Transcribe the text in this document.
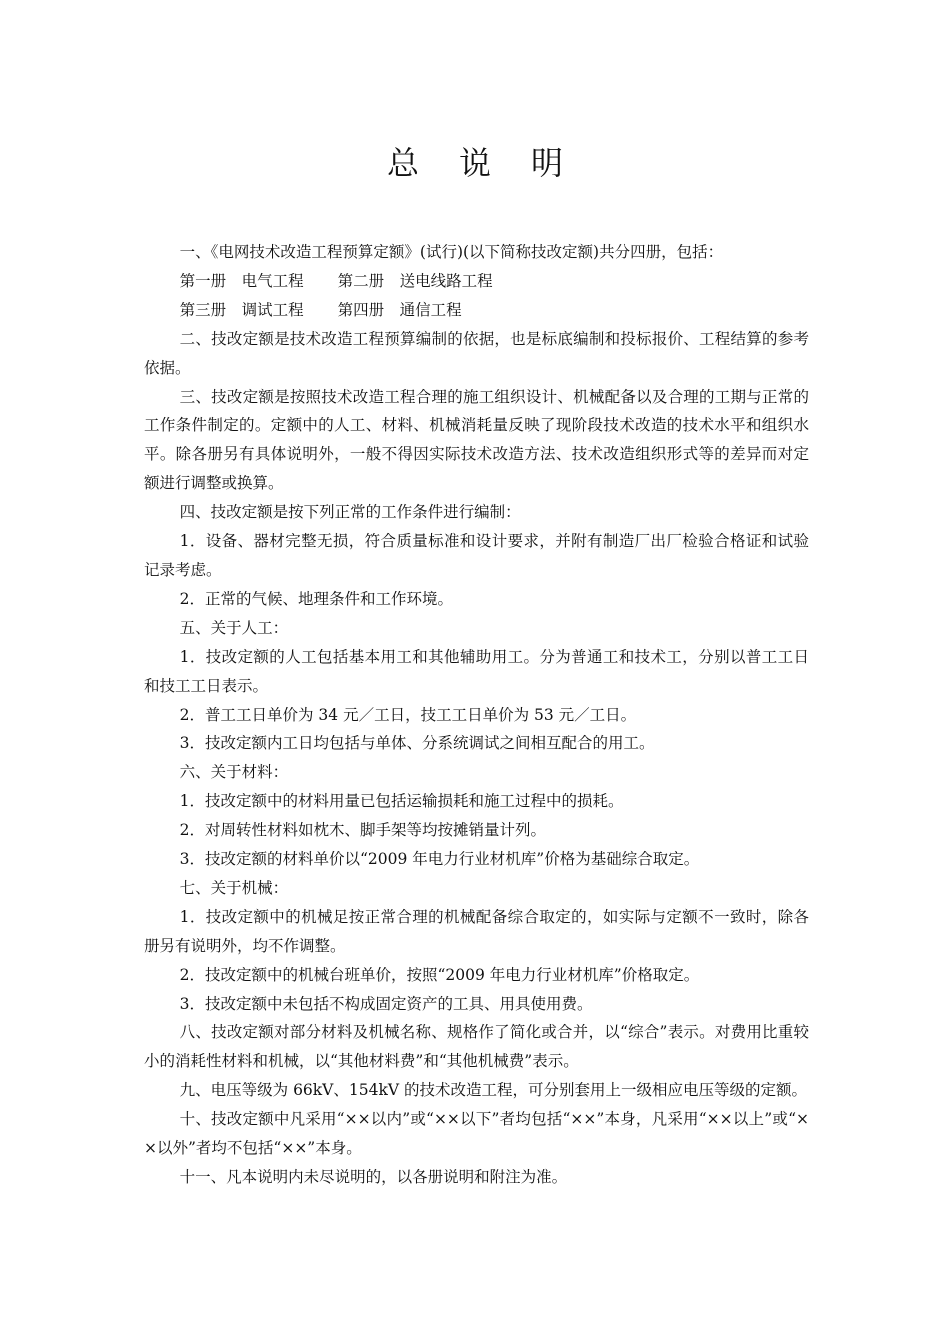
总说明

一、《电网技术改造工程预算定额》(试行)(以下简称技改定额)共分四册，包括：

第一册　电气工程 第二册　送电线路工程

第三册　调试工程 第四册　通信工程

二、技改定额是技术改造工程预算编制的依据，也是标底编制和投标报价、工程结算的参考依据。

三、技改定额是按照技术改造工程合理的施工组织设计、机械配备以及合理的工期与正常的工作条件制定的。定额中的人工、材料、机械消耗量反映了现阶段技术改造的技术水平和组织水平。除各册另有具体说明外，一般不得因实际技术改造方法、技术改造组织形式等的差异而对定额进行调整或换算。

四、技改定额是按下列正常的工作条件进行编制：

1．设备、器材完整无损，符合质量标准和设计要求，并附有制造厂出厂检验合格证和试验记录考虑。

2．正常的气候、地理条件和工作环境。

五、关于人工：

1．技改定额的人工包括基本用工和其他辅助用工。分为普通工和技术工，分别以普工工日和技工工日表示。

2．普工工日单价为 34 元／工日，技工工日单价为 53 元／工日。

3．技改定额内工日均包括与单体、分系统调试之间相互配合的用工。

六、关于材料：

1．技改定额中的材料用量已包括运输损耗和施工过程中的损耗。

2．对周转性材料如枕木、脚手架等均按摊销量计列。

3．技改定额的材料单价以“2009 年电力行业材机库”价格为基础综合取定。

七、关于机械：

1．技改定额中的机械足按正常合理的机械配备综合取定的，如实际与定额不一致时，除各册另有说明外，均不作调整。

2．技改定额中的机械台班单价，按照“2009 年电力行业材机库”价格取定。

3．技改定额中未包括不构成固定资产的工具、用具使用费。

八、技改定额对部分材料及机械名称、规格作了简化或合并，以“综合”表示。对费用比重较小的消耗性材料和机械，以“其他材料费”和“其他机械费”表示。

九、电压等级为 66kV、154kV 的技术改造工程，可分别套用上一级相应电压等级的定额。

十、技改定额中凡采用“××以内”或“××以下”者均包括“××”本身，凡采用“××以上”或“××以外”者均不包括“××”本身。

十一、凡本说明内未尽说明的，以各册说明和附注为准。
